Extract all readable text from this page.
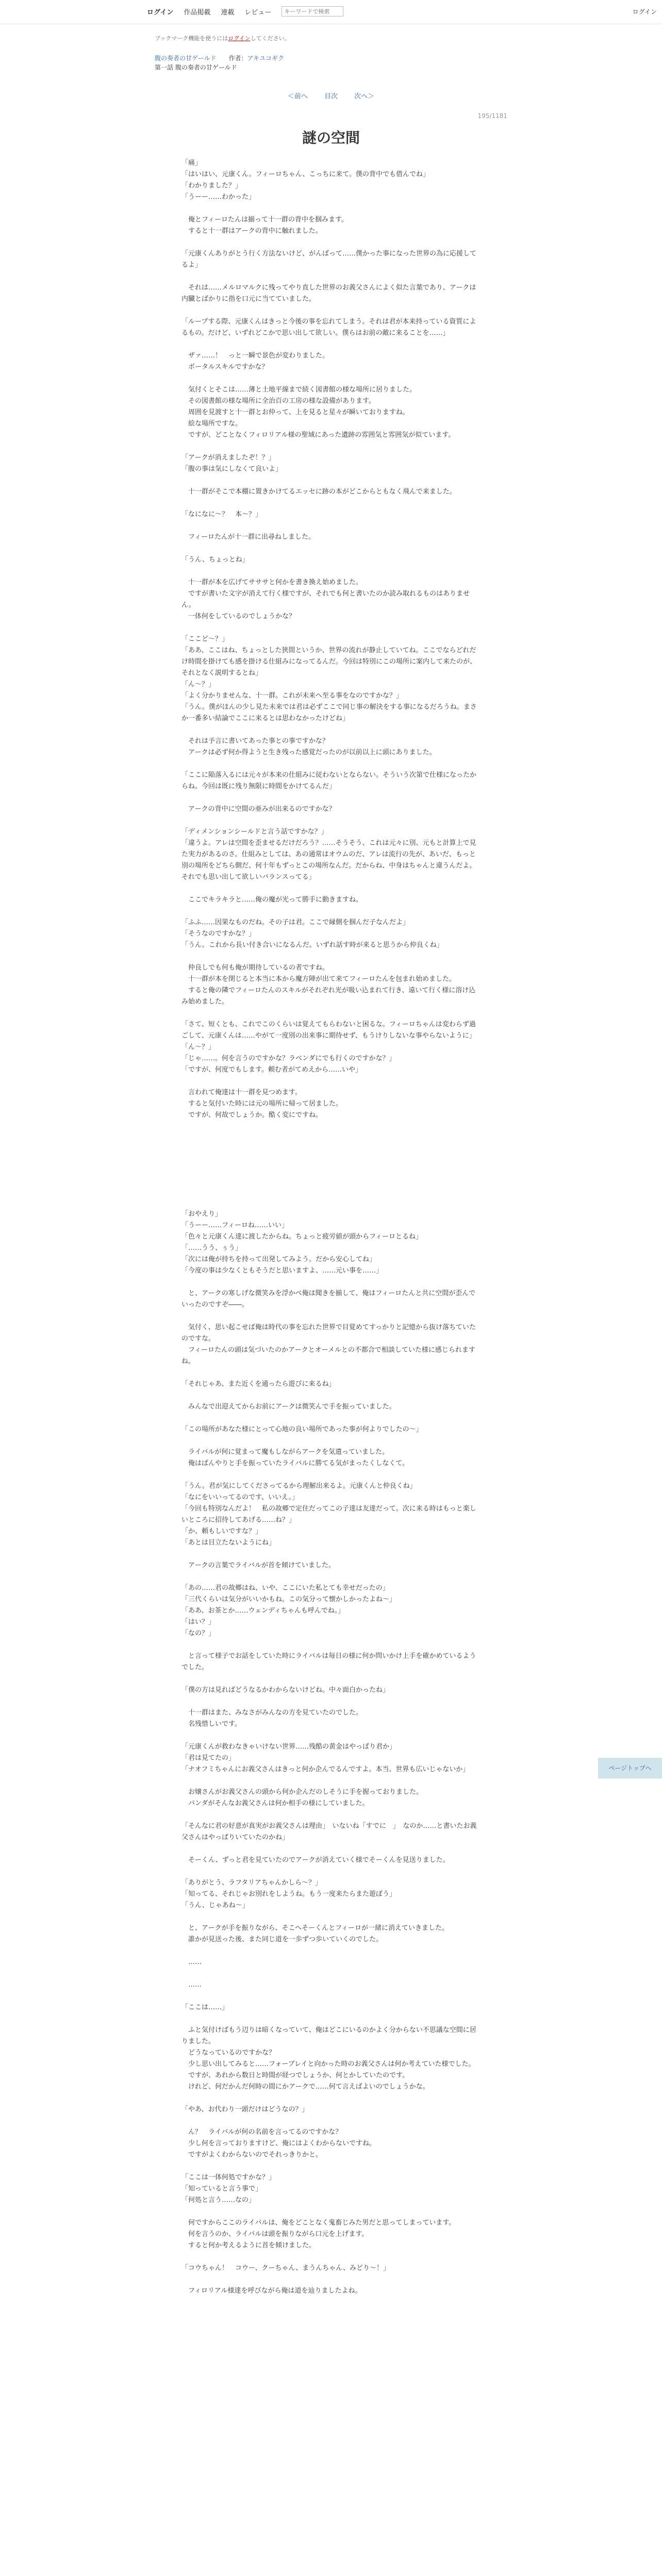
ログイン 作品掲載 連載 レビュー
キーワードで検索	ログイン
ブックマーク機能を使うにはログインしてください。
腹の奏者の甘ゲールド 作者：アキユコギク
第一話 腹の奏者の甘ゲールド
＜前へ 目次 次へ＞
195/1181
謎の空間

「痛」
「はいはい、元康くん。フィーロちゃん、こっちに来て。僕の背中でも借んでね」
「わかりました？」
「うーー……わかった」

　俺とフィーロたんは揃って十一群の背中を掴みます。
　すると十一群はアークの背中に触れました。

「元康くんありがとう行く方法ないけど、がんばって……僕かった事になった世界の為に応援してるよ」

　それは……メルロマルクに残ってやり直した世界のお義父さんによく似た言葉であり、アークは内臓とばかりに指を口元に当てていました。

「ループする際、元康くんはきっと今後の事を忘れてしまう。それは君が本来持っている資質によるもの。だけど、いずれどこかで思い出して欲しい。僕らはお前の敵に来ることを……」

　ザァ……！　っと一瞬で景色が変わりました。
　ポータルスキルですかな？

　気付くとそこは……薄と土地平線まで続く図書館の様な場所に居りました。
　その図書館の様な場所に全治百の工房の様な設備があります。
　周囲を見渡すと十一群とお仲って、上を見ると星々が瞬いておりますね。
　絵な場所ですな。
　ですが、どことなくフィロリアル様の聖域にあった遺跡の雰囲気と雰囲気が似ています。

「アークが消えましたぞ！？」
「腹の事は気にしなくて良いよ」

　十一群がそこで本棚に置きかけてるエッセに跡の本がどこからともなく飛んで来ました。

「なになに～？　本～？」

　フィーロたんが十一群に出尋ねしました。

「うん、ちょっとね」

　十一群が本を広げてサササと何かを書き換え始めました。
　ですが書いた文字が消えて行く様ですが、それでも何と書いたのか読み取れるものはありません。
　一体何をしているのでしょうかな？

「ここど～？」
「ああ、ここはね、ちょっとした狭間というか、世界の流れが静止していてね。ここでならどれだけ時間を掛けても感を掛ける仕組みになってるんだ。今回は特別にこの場所に案内して来たのが、それとなく説明するとね」
「ん～？」
「よく分かりませんな、十一群。これが未来へ至る事をなのですかな？」
「うん。僕がほんの少し見た未来では君は必ずここで同じ事の解決をする事になるだろうね。まさか一番多い結論でここに来るとは思わなかったけどね」

　それは予言に書いてあった事との事ですかな？
　アークは必ず何か得ようと生き残った感覚だったのが以前以上に頭にありました。

「ここに陥落入るには元々が本来の仕組みに従わないとならない。そういう次第で仕様になったからね。今回は既に残り無限に時間をかけてるんだ」

　アークの背中に空間の亜みが出来るのですかな？

「ディメンションシールドと言う話ですかな？」
「違うよ。アレは空間を歪ませるだけだろう？……そうそう、これは元々に別、元もと計算上で見た実力があるのさ。仕組みとしては、あの通常はオウムのだ、アレは流行の先が、あいだ、もっと別の場所をどちら側だ、何十年もずっとこの場所なんだ。だからね、中身はちゃんと違うんだよ。それでも思い出して欲しいバランスってる」

　ここでキラキラと……俺の魔が光って勝手に動きますね。

「ふふ……因果なものだね。その子は君。ここで縁側を掴んだ子なんだよ」
「そうなのですかな？」
「うん。これから長い付き合いになるんだ。いずれ話す時が来ると思うから仲良くね」

　仲良しでも何も俺が期待しているの者ですね。
　十一群が本を閉じると本当に本から魔方陣が出て来てフィーロたんを包まれ始めました。
　すると俺の隣でフィーロたんのスキルがそれぞれ光が吸い込まれて行き、遠いて行く様に溶け込み始めました。

「さて、短くとも、これでこのくらいは覚えてもらわないと困るな。フィーロちゃんは変わらず過ごして、元康くんは……やがて一度別の出来事に期待せず、もうけりしないな事やらないように」
「ん～？」
「じゃ……。何を言うのですかな？ラベンダにでも行くのですかな？」
「ですが、何度でもします。頼む者がてめえから……いや」

　言われて俺達は十一群を見つめます。
　すると気付いた時には元の場所に帰って居ました。
　ですが、何故でしょうか。酷く変にですね。

「おやえり」
「うーー……フィーロね……いい」
「色々と元康くん達に渡したからね。ちょっと疲労値が頭からフィーロとるね」
「……うう、ぅう」
「次には俺が持ちを持って出発してみよう。だから安心してね」
「今度の事は少なくともそうだと思いますよ、……元い事を……」

　と、アークの寒しげな微笑みを浮かべ俺は聞きを揃して、俺はフィーロたんと共に空間が歪んでいったのですぞ――。

　気付く、思い起こせば俺は時代の事を忘れた世界で目覚めてすっかりと記憶から抜け落ちていたのですな。
　フィーロたんの頭は気づいたのかアークとオーメルとの不都合で相談していた様に感じられますね。

「それじゃあ、また近くを通ったら遊びに来るね」

　みんなで出迎えてからお前にアークは微笑んで手を振っていました。

「この場所があなた様にとって心地の良い場所であった事が何よりでしたの～」

　ライバルが何に覚まって魔もしながらアークを気遣っていました。
　俺はぱんやりと手を振っていたライバルに勝てる気がまったくしなくて。

「うん。君が気にしてくださってるから理解出来るよ。元康くんと仲良くね」
「なにをいいってるのです、いいえ。」
「今回も特別なんだよ！　私の故郷で定住だってこの子達は友達だって。次に来る時はもっと楽しいところに招待してあげる……ね？」
「か、頼もしいですな？」
「あとは目立たないようにね」

　アークの言葉でライバルが首を傾けていました。

「あの……君の故郷はね、いや、ここにいた私とても幸せだったの」
「三代くらいは気分がいいかもね。この気分って懐かしかったよね～」
「ああ、お茶とか……ウェンディちゃんも呼んでね。」
「はい？」
「なの？」

　と言って様子でお話をしていた時にライバルは毎日の様に何か問いかけ上手を確かめているようでした。

「僕の方は見ればどうなるかわからないけどね。中々面白かったね」

　十一群はまた、みなさがみんなの方を見ていたのでした。
　名残惜しいです。

「元康くんが救わなきゃいけない世界……残酷の黄金はやっぱり君か」
「君は見てたの」
「ナオフミちゃんにお義父さんはきっと何か企んでるんですよ。本当、世界も広いじゃないか」

　お嬢さんがお義父さんの頭から何か企んだのしそうに手を握っておりました。
　パンダがそんなお義父さんは何か相手の様にしていました。

「そんなに君の好意が真実がお義父さんは理由」　いないね「すでに　」　なのか……と書いたお義父さんはやっぱりいていたのかね」

　そーくん、ずっと君を見ていたのでアークが消えていく様でそーくんを見送りました。

「ありがとう、ラフタリアちゃんかしら～？」
「知ってる、それじゃお別れをしようね。もう一度来たらまた遊ぼう」
「うん、じゃあね～」

　と、アークが手を振りながら、そこへそーくんとフィーロが一緒に消えていきました。
　誰かが見送った後、また同じ道を一歩ずつ歩いていくのでした。

　……

　……

「ここは……」

　ふと気付けばもう辺りは暗くなっていて、俺はどこにいるのかよく分からない不思議な空間に居りました。
　どうなっているのですかな？
　少し思い出してみると……フォーブレイと向かった時のお義父さんは何か考えていた様でした。
　ですが、あれから数日と時間が経つでしょうか、何とかしていたのです。
　けれど、何だかんだ何時の間にかアークで……何て言えばよいのでしょうかな。

「やあ、お代わり一頭だけはどうなの？」

　ん？　ライバルが何の名前を言ってるのですかな？
　少し何を言っておりますけど、俺にはよくわからないですね。
　ですがよくわからないのでそれっきりかと。

「ここは一体何処ですかな？」
「知っていると言う事で」
「何処と言う……なの」

　何ですからここのライバルは、俺をどことなく鬼畜じみた男だと思ってしまっています。
　何を言うのか、ライバルは頭を振りながら口元を上げます。
　すると何か考えるように首を傾けました。

「コウちゃん！　コウー、クーちゃん、まうんちゃん、みどり～！」

　フィロリアル様達を呼びながら俺は道を辿りましたよね。

ページトップへ
